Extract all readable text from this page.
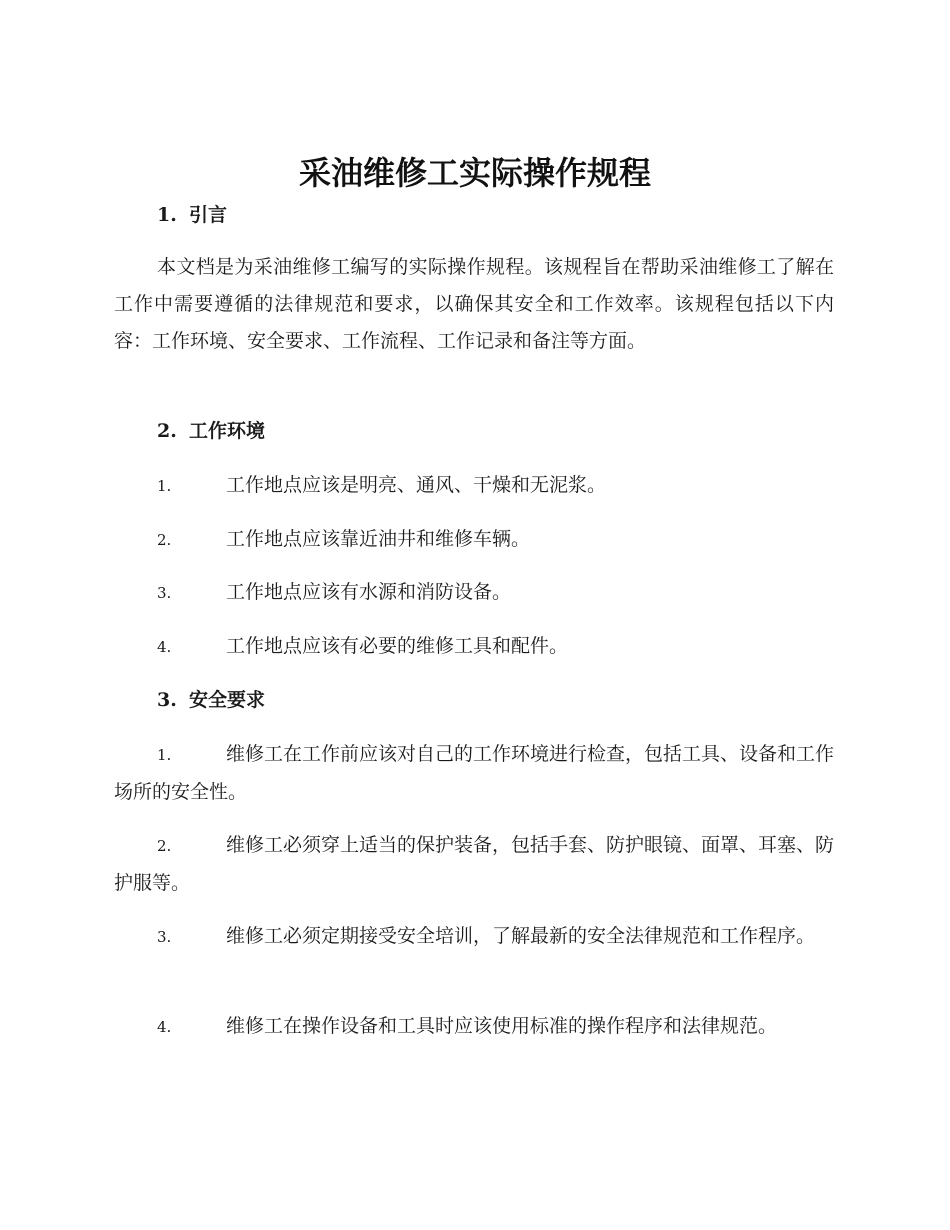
采油维修工实际操作规程
1. 引言

本文档是为采油维修工编写的实际操作规程。该规程旨在帮助采油维修工了解在工作中需要遵循的法律规范和要求，以确保其安全和工作效率。该规程包括以下内容：工作环境、安全要求、工作流程、工作记录和备注等方面。

2. 工作环境

1.	工作地点应该是明亮、通风、干燥和无泥浆。

2.	工作地点应该靠近油井和维修车辆。

3.	工作地点应该有水源和消防设备。

4.	工作地点应该有必要的维修工具和配件。

3. 安全要求

1.	维修工在工作前应该对自己的工作环境进行检查，包括工具、设备和工作场所的安全性。

2.	维修工必须穿上适当的保护装备，包括手套、防护眼镜、面罩、耳塞、防护服等。

3.	维修工必须定期接受安全培训，了解最新的安全法律规范和工作程序。

4.	维修工在操作设备和工具时应该使用标准的操作程序和法律规范。
